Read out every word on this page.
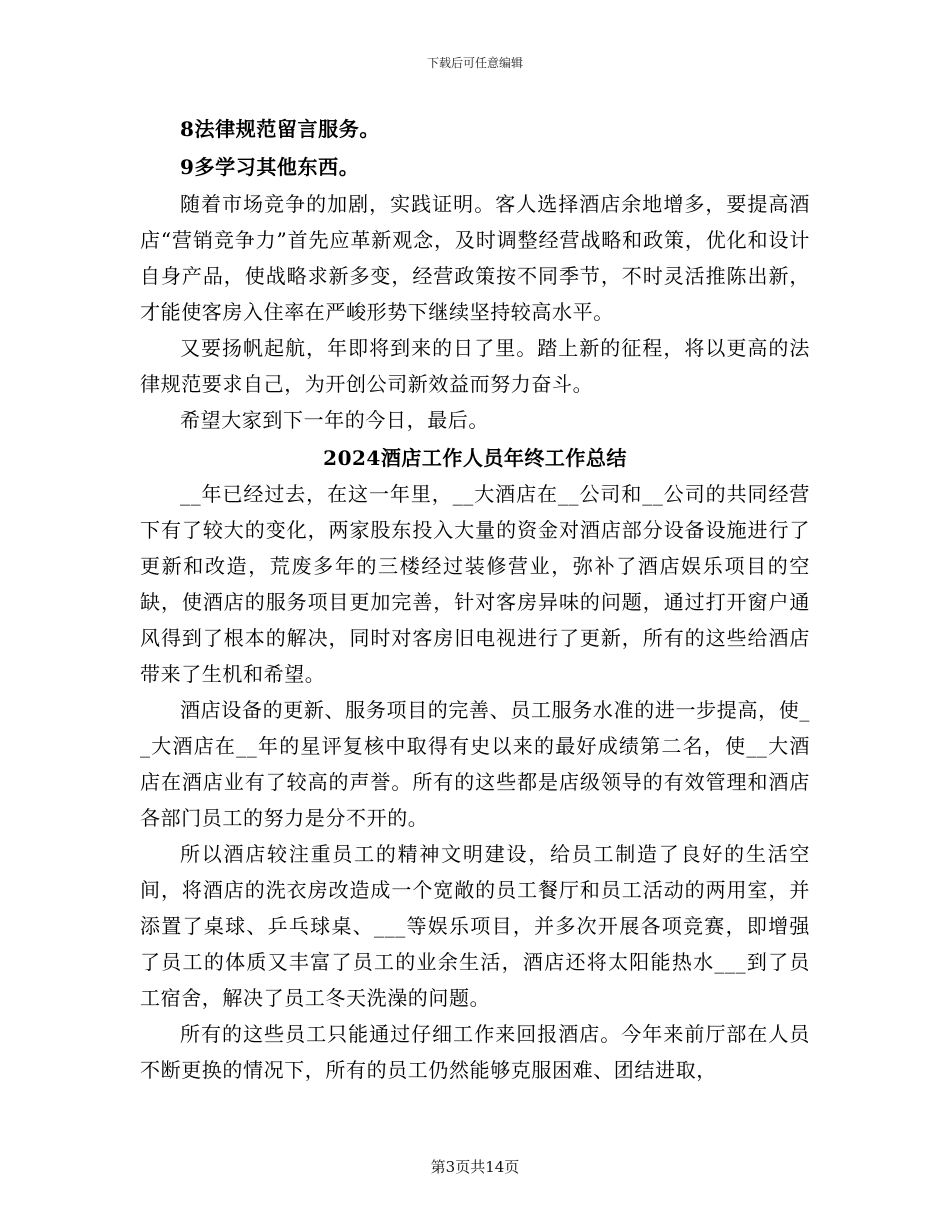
下载后可任意编辑

8法律规范留言服务。

9多学习其他东西。

随着市场竞争的加剧，实践证明。客人选择酒店余地增多，要提高酒店“营销竞争力”首先应革新观念，及时调整经营战略和政策，优化和设计自身产品，使战略求新多变，经营政策按不同季节，不时灵活推陈出新，才能使客房入住率在严峻形势下继续坚持较高水平。

又要扬帆起航，年即将到来的日了里。踏上新的征程，将以更高的法律规范要求自己，为开创公司新效益而努力奋斗。

希望大家到下一年的今日，最后。

2024酒店工作人员年终工作总结

__年已经过去，在这一年里，__大酒店在__公司和__公司的共同经营下有了较大的变化，两家股东投入大量的资金对酒店部分设备设施进行了更新和改造，荒废多年的三楼经过装修营业，弥补了酒店娱乐项目的空缺，使酒店的服务项目更加完善，针对客房异味的问题，通过打开窗户通风得到了根本的解决，同时对客房旧电视进行了更新，所有的这些给酒店带来了生机和希望。

酒店设备的更新、服务项目的完善、员工服务水准的进一步提高，使__大酒店在__年的星评复核中取得有史以来的最好成绩第二名，使__大酒店在酒店业有了较高的声誉。所有的这些都是店级领导的有效管理和酒店各部门员工的努力是分不开的。

所以酒店较注重员工的精神文明建设，给员工制造了良好的生活空间，将酒店的洗衣房改造成一个宽敞的员工餐厅和员工活动的两用室，并添置了桌球、乒乓球桌、___等娱乐项目，并多次开展各项竞赛，即增强了员工的体质又丰富了员工的业余生活，酒店还将太阳能热水___到了员工宿舍，解决了员工冬天洗澡的问题。

所有的这些员工只能通过仔细工作来回报酒店。今年来前厅部在人员不断更换的情况下，所有的员工仍然能够克服困难、团结进取，

第3页共14页
